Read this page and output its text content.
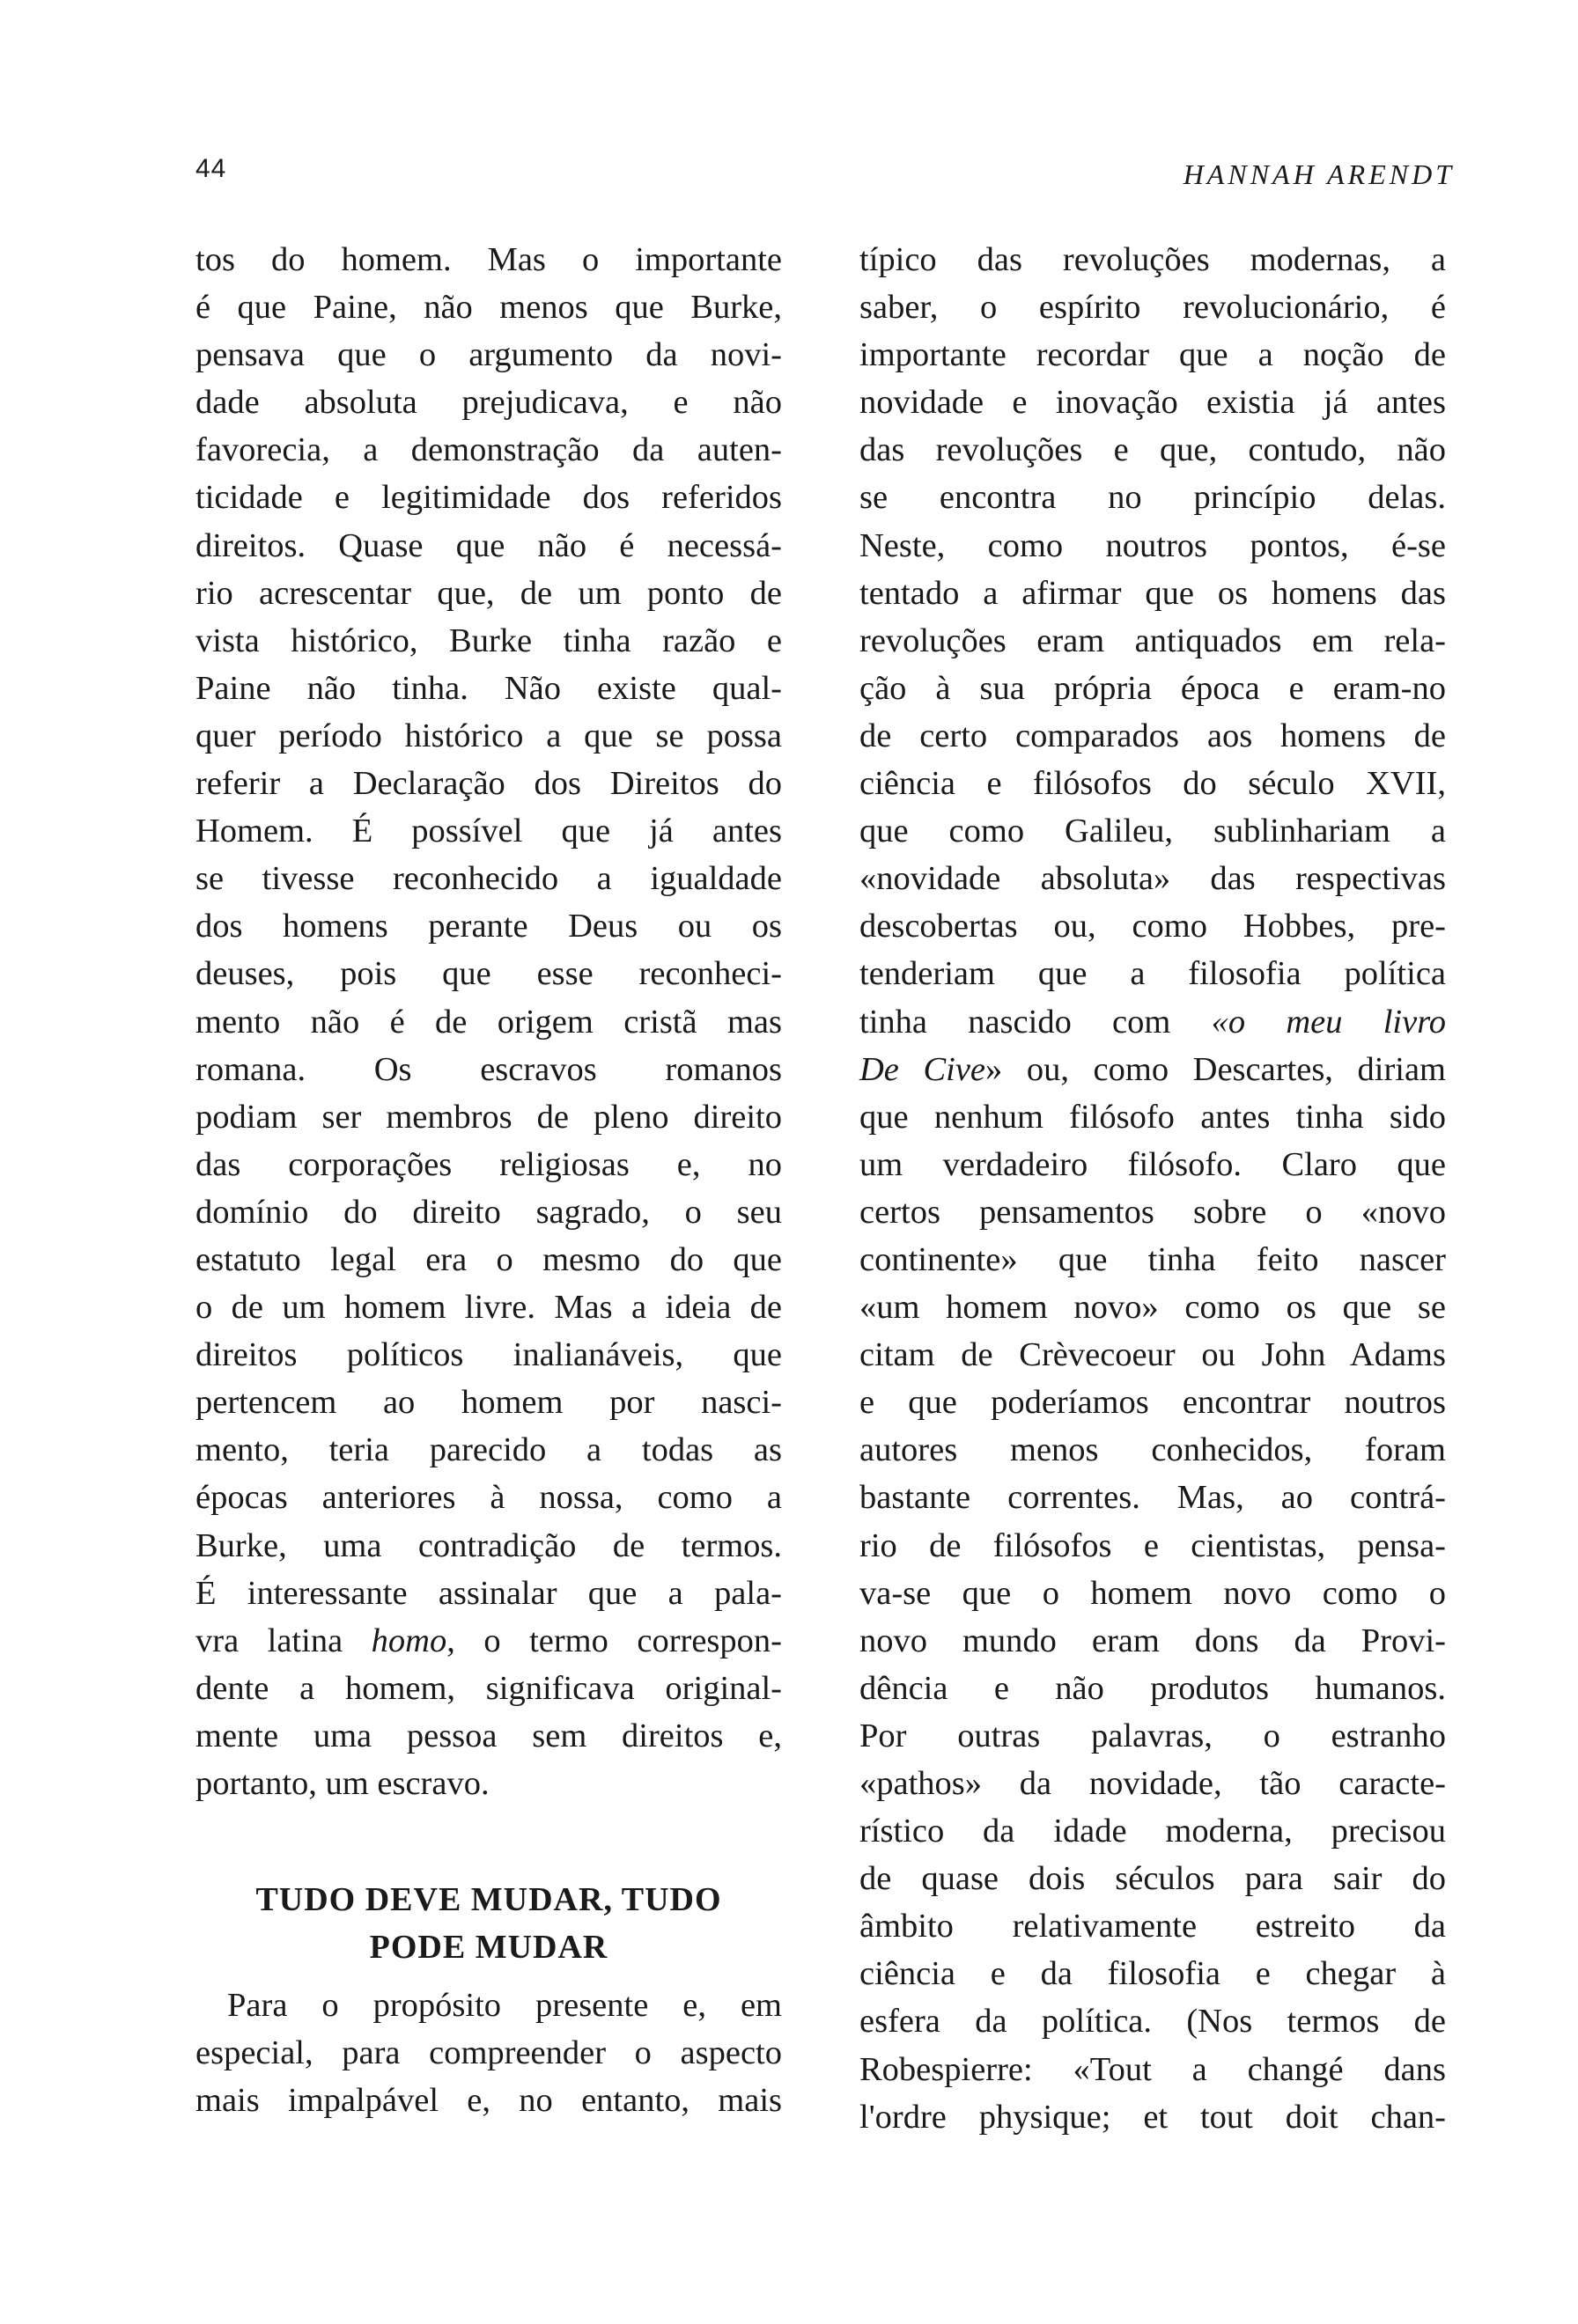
44	HANNAH ARENDT
tos do homem. Mas o importante
é que Paine, não menos que Burke,
pensava que o argumento da novi-
dade absoluta prejudicava, e não
favorecia, a demonstração da auten-
ticidade e legitimidade dos referidos
direitos. Quase que não é necessá-
rio acrescentar que, de um ponto de
vista histórico, Burke tinha razão e
Paine não tinha. Não existe qual-
quer período histórico a que se possa
referir a Declaração dos Direitos do
Homem. É possível que já antes
se tivesse reconhecido a igualdade
dos homens perante Deus ou os
deuses, pois que esse reconheci-
mento não é de origem cristã mas
romana. Os escravos romanos
podiam ser membros de pleno direito
das corporações religiosas e, no
domínio do direito sagrado, o seu
estatuto legal era o mesmo do que
o de um homem livre. Mas a ideia de
direitos políticos inalianáveis, que
pertencem ao homem por nasci-
mento, teria parecido a todas as
épocas anteriores à nossa, como a
Burke, uma contradição de termos.
É interessante assinalar que a pala-
vra latina homo, o termo correspon-
dente a homem, significava original-
mente uma pessoa sem direitos e,
portanto, um escravo.
TUDO DEVE MUDAR, TUDO
PODE MUDAR
Para o propósito presente e, em
especial, para compreender o aspecto
mais impalpável e, no entanto, mais
típico das revoluções modernas, a
saber, o espírito revolucionário, é
importante recordar que a noção de
novidade e inovação existia já antes
das revoluções e que, contudo, não
se encontra no princípio delas.
Neste, como noutros pontos, é-se
tentado a afirmar que os homens das
revoluções eram antiquados em rela-
ção à sua própria época e eram-no
de certo comparados aos homens de
ciência e filósofos do século XVII,
que como Galileu, sublinhariam a
«novidade absoluta» das respectivas
descobertas ou, como Hobbes, pre-
tenderiam que a filosofia política
tinha nascido com «o meu livro
De Cive» ou, como Descartes, diriam
que nenhum filósofo antes tinha sido
um verdadeiro filósofo. Claro que
certos pensamentos sobre o «novo
continente» que tinha feito nascer
«um homem novo» como os que se
citam de Crèvecoeur ou John Adams
e que poderíamos encontrar noutros
autores menos conhecidos, foram
bastante correntes. Mas, ao contrá-
rio de filósofos e cientistas, pensa-
va-se que o homem novo como o
novo mundo eram dons da Provi-
dência e não produtos humanos.
Por outras palavras, o estranho
«pathos» da novidade, tão caracte-
rístico da idade moderna, precisou
de quase dois séculos para sair do
âmbito relativamente estreito da
ciência e da filosofia e chegar à
esfera da política. (Nos termos de
Robespierre: «Tout a changé dans
l'ordre physique; et tout doit chan-
